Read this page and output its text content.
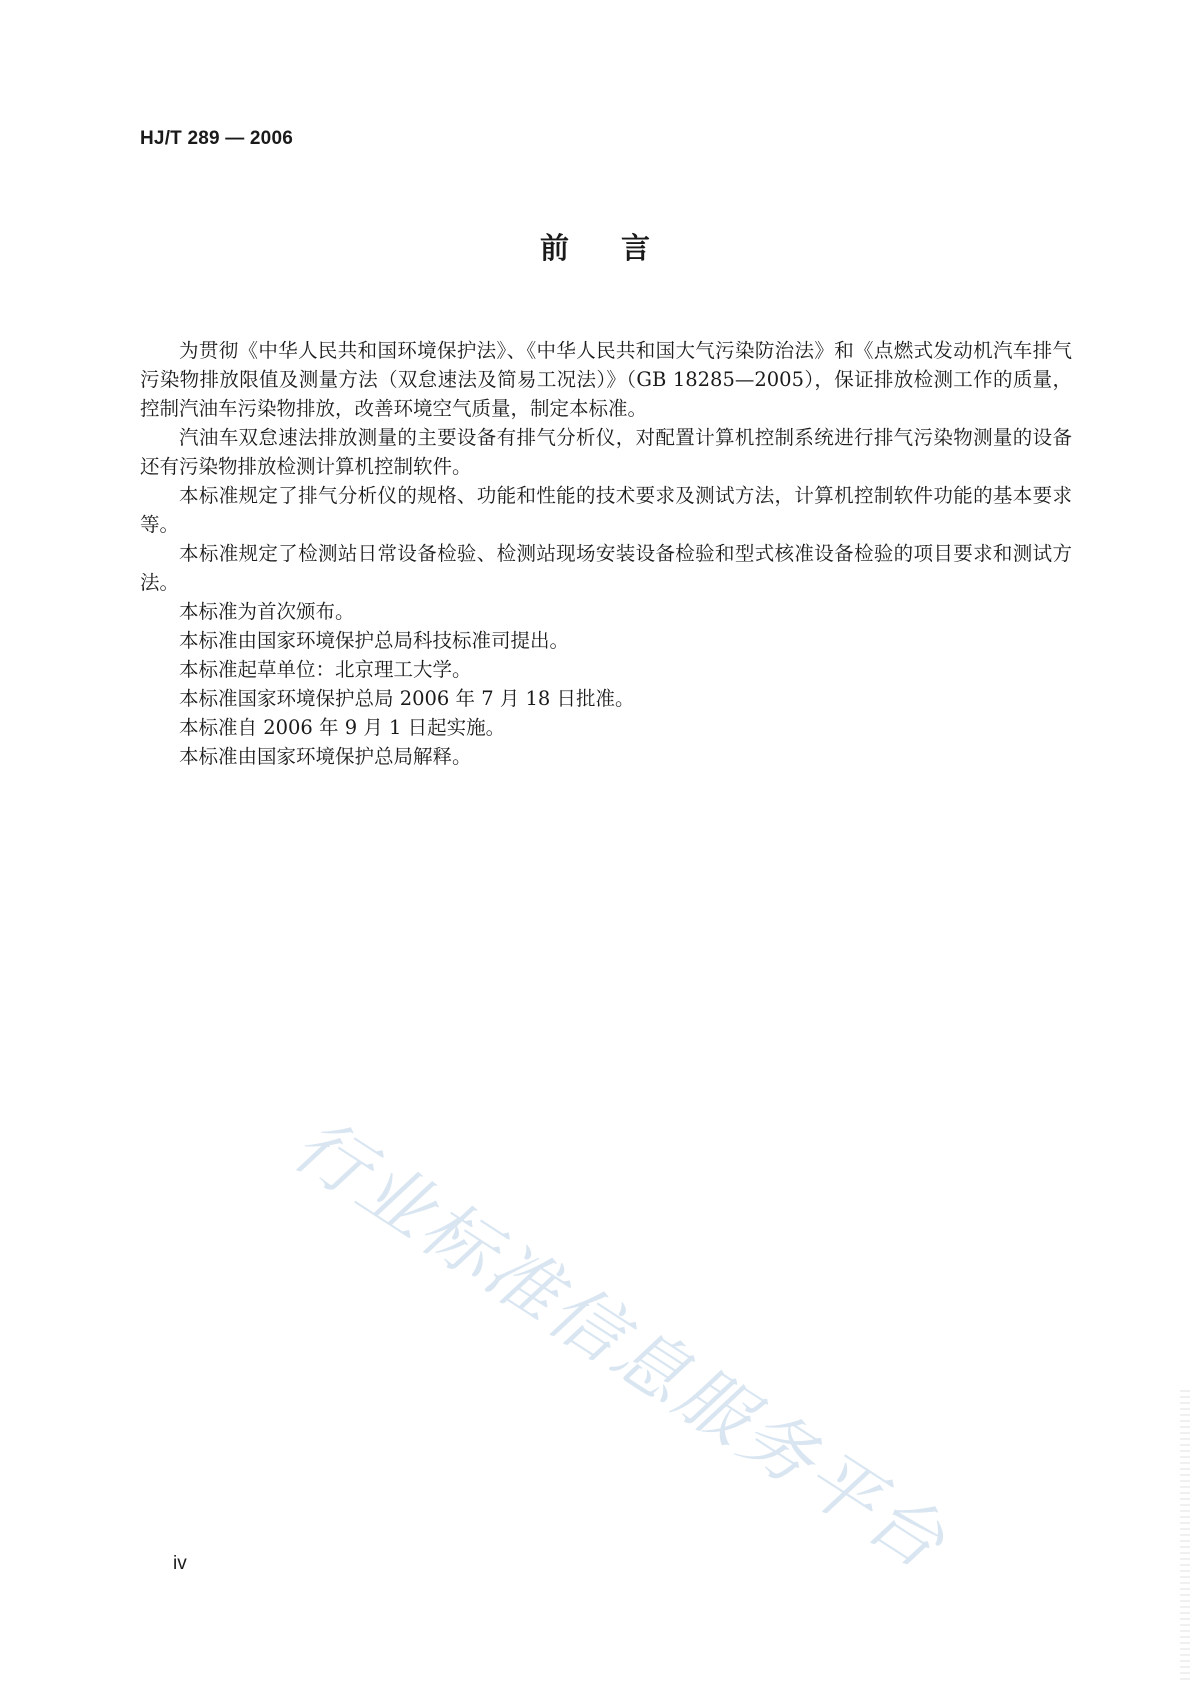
HJ/T 289 — 2006
前言

为贯彻《中华人民共和国环境保护法》、《中华人民共和国大气污染防治法》和《点燃式发动机汽车排气污染物排放限值及测量方法（双怠速法及简易工况法）》（GB 18285—2005），保证排放检测工作的质量，控制汽油车污染物排放，改善环境空气质量，制定本标准。

汽油车双怠速法排放测量的主要设备有排气分析仪，对配置计算机控制系统进行排气污染物测量的设备还有污染物排放检测计算机控制软件。

本标准规定了排气分析仪的规格、功能和性能的技术要求及测试方法，计算机控制软件功能的基本要求等。

本标准规定了检测站日常设备检验、检测站现场安装设备检验和型式核准设备检验的项目要求和测试方法。

本标准为首次颁布。

本标准由国家环境保护总局科技标准司提出。

本标准起草单位：北京理工大学。

本标准国家环境保护总局 2006 年 7 月 18 日批准。

本标准自 2006 年 9 月 1 日起实施。

本标准由国家环境保护总局解释。

行业标准信息服务平台
iv
